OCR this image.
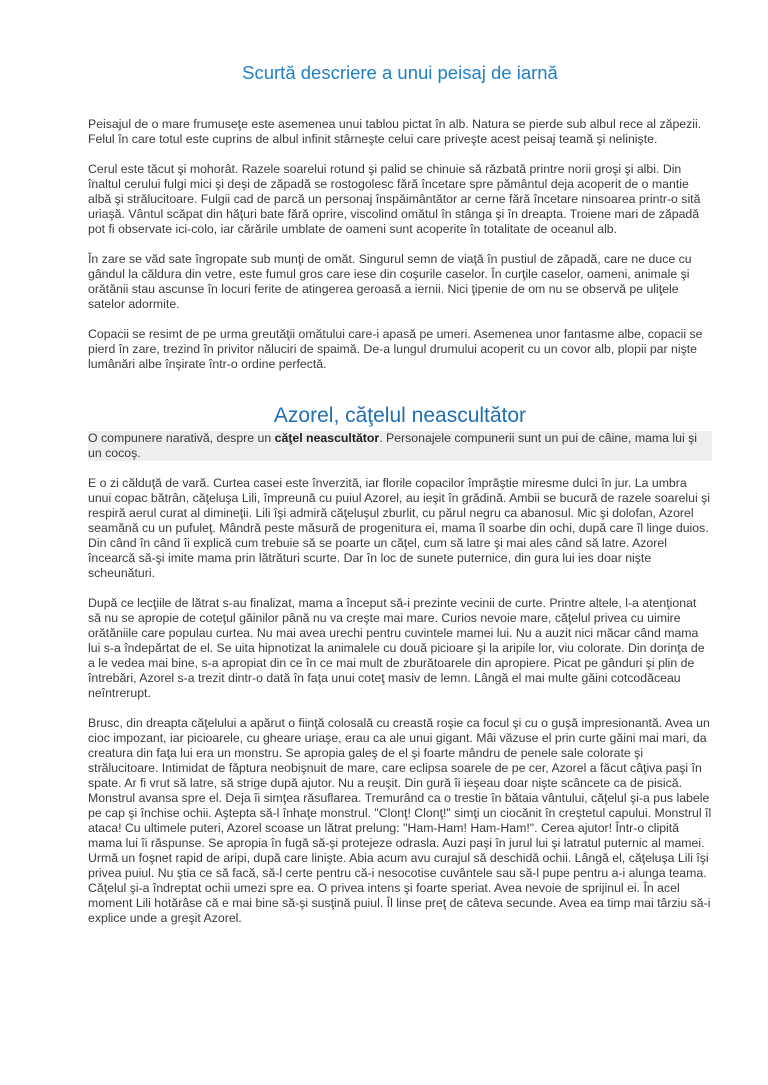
Scurtă descriere a unui peisaj de iarnă

Peisajul de o mare frumuseţe este asemenea unui tablou pictat în alb. Natura se pierde sub albul rece al zăpezii. Felul în care totul este cuprins de albul infinit stârneşte celui care priveşte acest peisaj teamă şi nelinişte.

Cerul este tăcut şi mohorât. Razele soarelui rotund şi palid se chinuie să răzbată printre norii groşi şi albi. Din înaltul cerului fulgi mici şi deşi de zăpadă se rostogolesc fără încetare spre pământul deja acoperit de o mantie albă şi strălucitoare. Fulgii cad de parcă un personaj înspăimântător ar cerne fără încetare ninsoarea printr-o sită uriaşă. Vântul scăpat din hăţuri bate fără oprire, viscolind omătul în stânga şi în dreapta. Troiene mari de zăpadă pot fi observate ici-colo, iar cărările umblate de oameni sunt acoperite în totalitate de oceanul alb.

În zare se văd sate îngropate sub munţi de omăt. Singurul semn de viaţă în pustiul de zăpadă, care ne duce cu gândul la căldura din vetre, este fumul gros care iese din coşurile caselor. În curţile caselor, oameni, animale şi orătănii stau ascunse în locuri ferite de atingerea geroasă a iernii. Nici ţipenie de om nu se observă pe uliţele satelor adormite.

Copacii se resimt de pe urma greutăţii omătului care-i apasă pe umeri. Asemenea unor fantasme albe, copacii se pierd în zare, trezind în privitor năluciri de spaimă. De-a lungul drumului acoperit cu un covor alb, plopii par nişte lumânări albe înşirate într-o ordine perfectă.

Azorel, căţelul neascultător

O compunere narativă, despre un căţel neascultător. Personajele compunerii sunt un pui de câine, mama lui şi un cocoş.

E o zi călduţă de vară. Curtea casei este înverzită, iar florile copacilor împrăştie miresme dulci în jur. La umbra unui copac bătrân, căţeluşa Lili, împreună cu puiul Azorel, au ieşit în grădină. Ambii se bucură de razele soarelui şi respiră aerul curat al dimineţii. Lili îşi admiră căţeluşul zburlit, cu părul negru ca abanosul. Mic şi dolofan, Azorel seamănă cu un pufuleţ. Mândră peste măsură de progenitura ei, mama îl soarbe din ochi, după care îl linge duios. Din când în când îi explică cum trebuie să se poarte un căţel, cum să latre şi mai ales când să latre. Azorel încearcă să-şi imite mama prin lătrături scurte. Dar în loc de sunete puternice, din gura lui ies doar nişte scheunături.

După ce lecţiile de lătrat s-au finalizat, mama a început să-i prezinte vecinii de curte. Printre altele, l-a atenţionat să nu se apropie de coteţul găinilor până nu va creşte mai mare. Curios nevoie mare, căţelul privea cu uimire orătăniile care populau curtea. Nu mai avea urechi pentru cuvintele mamei lui. Nu a auzit nici măcar când mama lui s-a îndepărtat de el. Se uita hipnotizat la animalele cu două picioare şi la aripile lor, viu colorate. Din dorinţa de a le vedea mai bine, s-a apropiat din ce în ce mai mult de zburătoarele din apropiere. Picat pe gânduri şi plin de întrebări, Azorel s-a trezit dintr-o dată în faţa unui coteţ masiv de lemn. Lângă el mai multe găini cotcodăceau neîntrerupt.

Brusc, din dreapta căţelului a apărut o fiinţă colosală cu creastă roşie ca focul şi cu o guşă impresionantă. Avea un cioc impozant, iar picioarele, cu gheare uriaşe, erau ca ale unui gigant. Mâi văzuse el prin curte găini mai mari, da creatura din faţa lui era un monstru. Se apropia galeş de el şi foarte mândru de penele sale colorate şi strălucitoare. Intimidat de făptura neobişnuit de mare, care eclipsa soarele de pe cer, Azorel a făcut câţiva paşi în spate. Ar fi vrut să latre, să strige după ajutor. Nu a reuşit. Din gură îi ieşeau doar nişte scâncete ca de pisică. Monstrul avansa spre el. Deja îi simţea răsuflarea. Tremurând ca o trestie în bătaia vântului, căţelul şi-a pus labele pe cap şi închise ochii. Aştepta să-l înhaţe monstrul. "Clonţ! Clonţ!" simţi un ciocănit în creştetul capului. Monstrul îl ataca! Cu ultimele puteri, Azorel scoase un lătrat prelung: "Ham-Ham! Ham-Ham!". Cerea ajutor! Într-o clipită mama lui îi răspunse. Se apropia în fugă să-şi protejeze odrasla. Auzi paşi în jurul lui şi latratul puternic al mamei. Urmă un foşnet rapid de aripi, după care linişte. Abia acum avu curajul să deschidă ochii. Lângă el, căţeluşa Lili îşi privea puiul. Nu ştia ce să facă, să-l certe pentru că-i nesocotise cuvântele sau să-l pupe pentru a-i alunga teama. Căţelul şi-a îndreptat ochii umezi spre ea. O privea intens şi foarte speriat. Avea nevoie de sprijinul ei. În acel moment Lili hotărâse că e mai bine să-şi susţină puiul. Îl linse preţ de câteva secunde. Avea ea timp mai târziu să-i explice unde a greşit Azorel.
